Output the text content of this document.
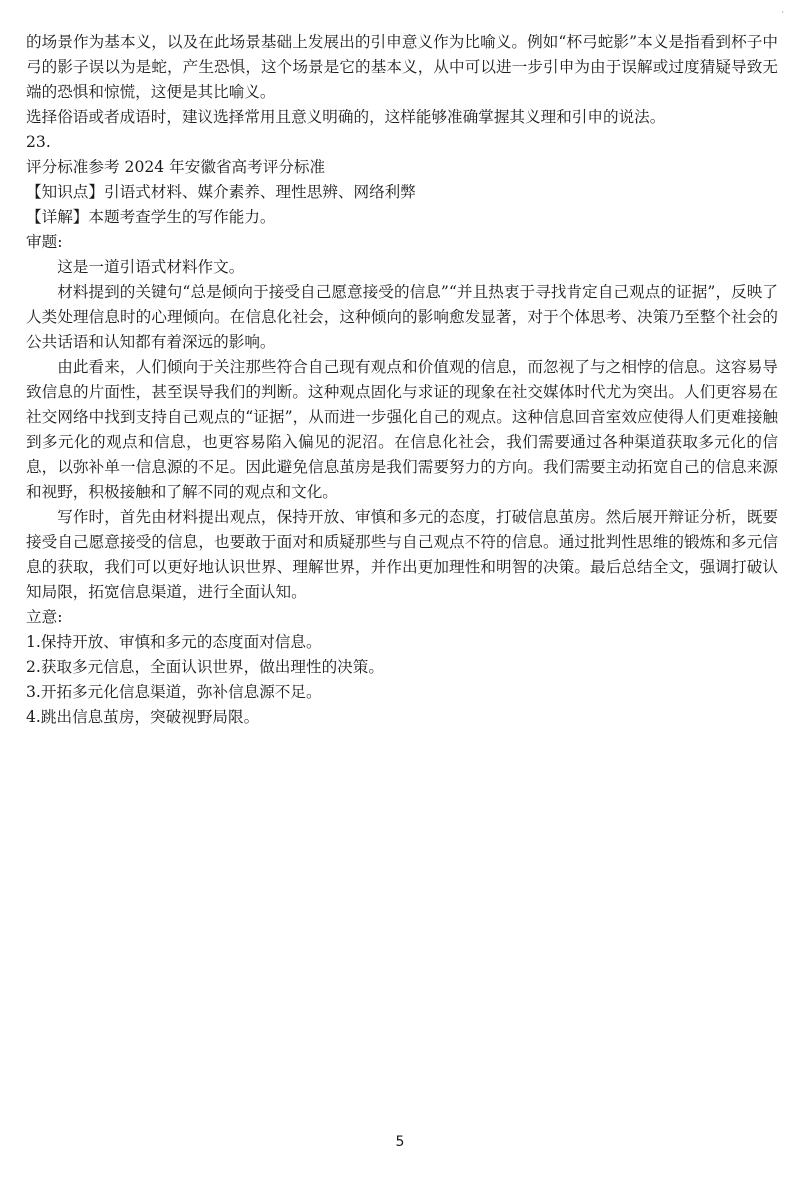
·

的场景作为基本义，以及在此场景基础上发展出的引申意义作为比喻义。例如“杯弓蛇影”本义是指看到杯子中弓的影子误以为是蛇，产生恐惧，这个场景是它的基本义，从中可以进一步引申为由于误解或过度猜疑导致无端的恐惧和惊慌，这便是其比喻义。

选择俗语或者成语时，建议选择常用且意义明确的，这样能够准确掌握其义理和引申的说法。

23.

评分标准参考 2024 年安徽省高考评分标准

【知识点】引语式材料、媒介素养、理性思辨、网络利弊

【详解】本题考查学生的写作能力。

审题:

这是一道引语式材料作文。

材料提到的关键句“总是倾向于接受自己愿意接受的信息”“并且热衷于寻找肯定自己观点的证据”，反映了人类处理信息时的心理倾向。在信息化社会，这种倾向的影响愈发显著，对于个体思考、决策乃至整个社会的公共话语和认知都有着深远的影响。

由此看来，人们倾向于关注那些符合自己现有观点和价值观的信息，而忽视了与之相悖的信息。这容易导致信息的片面性，甚至误导我们的判断。这种观点固化与求证的现象在社交媒体时代尤为突出。人们更容易在社交网络中找到支持自己观点的“证据”，从而进一步强化自己的观点。这种信息回音室效应使得人们更难接触到多元化的观点和信息，也更容易陷入偏见的泥沼。在信息化社会，我们需要通过各种渠道获取多元化的信息，以弥补单一信息源的不足。因此避免信息茧房是我们需要努力的方向。我们需要主动拓宽自己的信息来源和视野，积极接触和了解不同的观点和文化。

写作时，首先由材料提出观点，保持开放、审慎和多元的态度，打破信息茧房。然后展开辩证分析，既要接受自己愿意接受的信息，也要敢于面对和质疑那些与自己观点不符的信息。通过批判性思维的锻炼和多元信息的获取，我们可以更好地认识世界、理解世界，并作出更加理性和明智的决策。最后总结全文，强调打破认知局限，拓宽信息渠道，进行全面认知。

立意:

1.保持开放、审慎和多元的态度面对信息。

2.获取多元信息，全面认识世界，做出理性的决策。

3.开拓多元化信息渠道，弥补信息源不足。

4.跳出信息茧房，突破视野局限。

5
